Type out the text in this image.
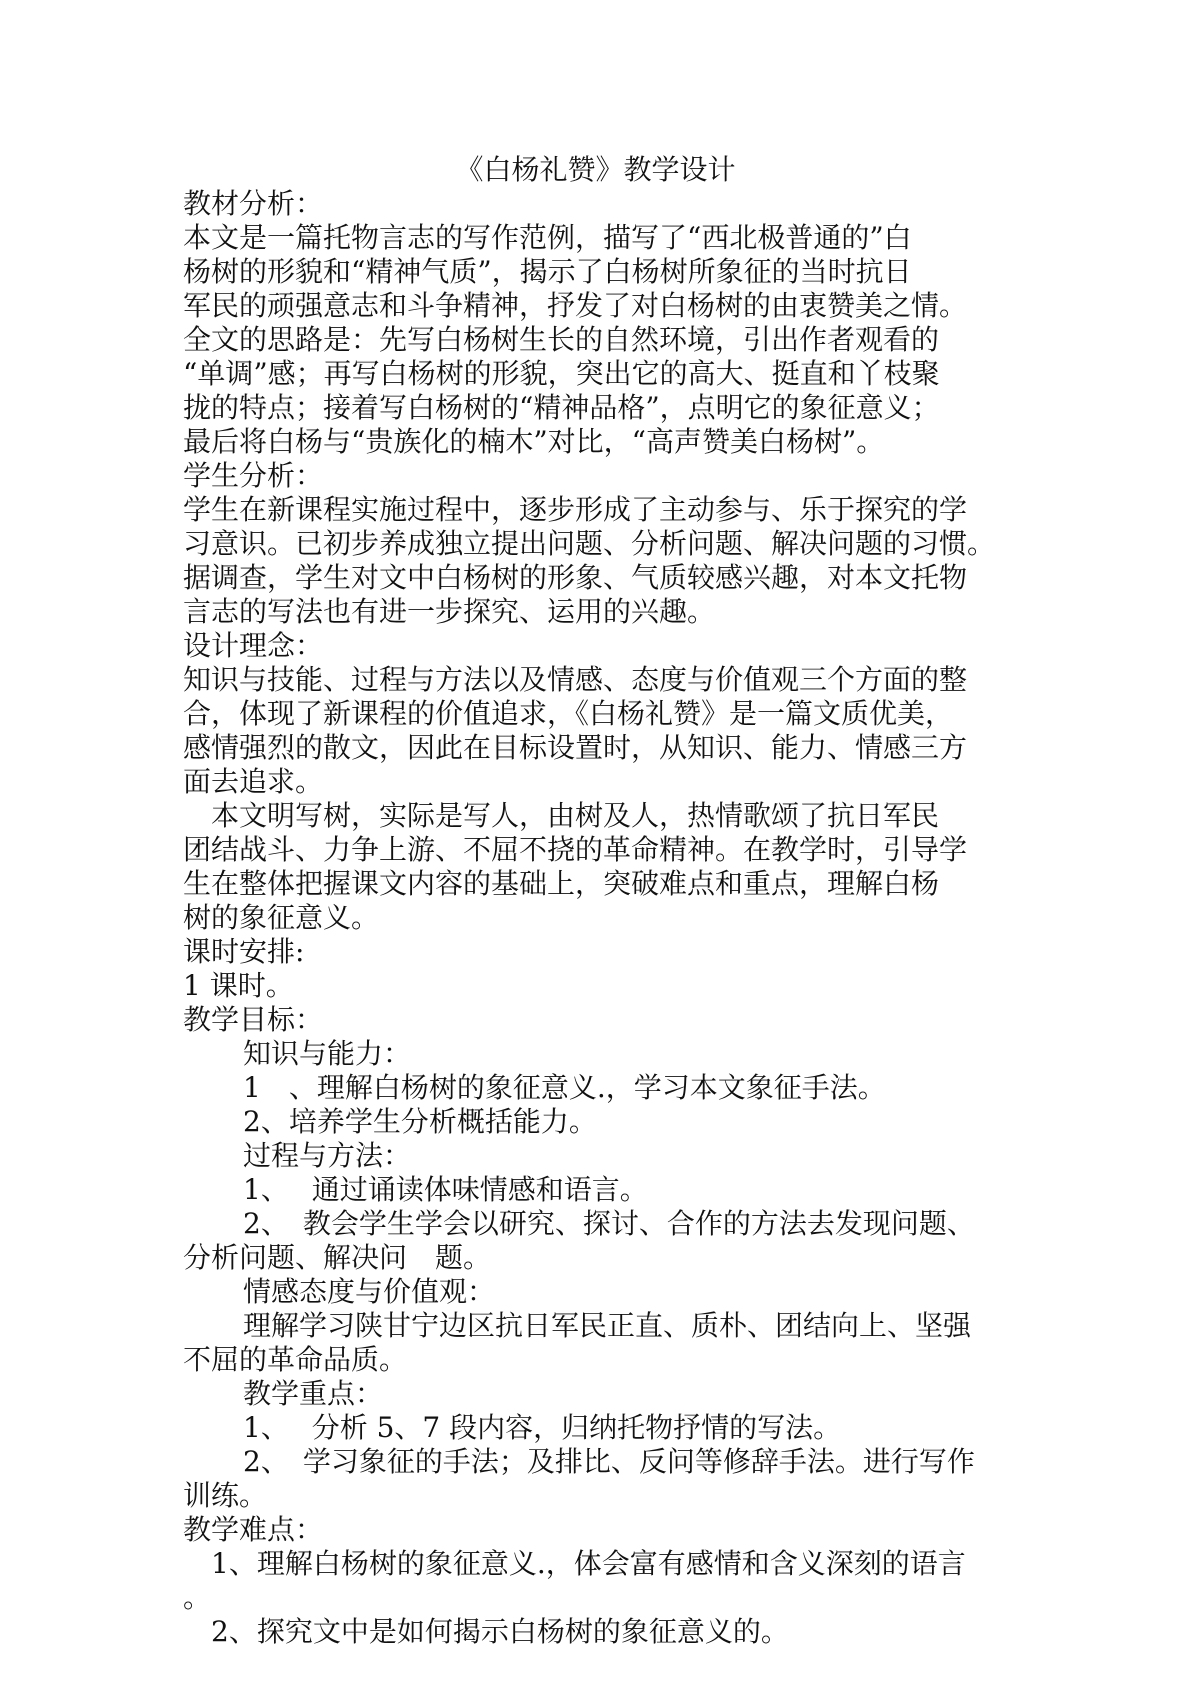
《白杨礼赞》教学设计
教材分析：
本文是一篇托物言志的写作范例，描写了“西北极普通的”白
杨树的形貌和“精神气质”，揭示了白杨树所象征的当时抗日
军民的顽强意志和斗争精神，抒发了对白杨树的由衷赞美之情。
全文的思路是：先写白杨树生长的自然环境，引出作者观看的
“单调”感；再写白杨树的形貌，突出它的高大、挺直和丫枝聚
拢的特点；接着写白杨树的“精神品格”，点明它的象征意义；
最后将白杨与“贵族化的楠木”对比，“高声赞美白杨树”。
学生分析：
学生在新课程实施过程中，逐步形成了主动参与、乐于探究的学
习意识。已初步养成独立提出问题、分析问题、解决问题的习惯。
据调查，学生对文中白杨树的形象、气质较感兴趣，对本文托物
言志的写法也有进一步探究、运用的兴趣。
设计理念：
知识与技能、过程与方法以及情感、态度与价值观三个方面的整
合，体现了新课程的价值追求，《白杨礼赞》是一篇文质优美，
感情强烈的散文，因此在目标设置时，从知识、能力、情感三方
面去追求。
本文明写树，实际是写人，由树及人，热情歌颂了抗日军民
团结战斗、力争上游、不屈不挠的革命精神。在教学时，引导学
生在整体把握课文内容的基础上，突破难点和重点，理解白杨
树的象征意义。
课时安排:
1 课时。
教学目标：
知识与能力：
1　、理解白杨树的象征意义.，学习本文象征手法。
2、培养学生分析概括能力。
过程与方法：
1、　 通过诵读体味情感和语言。
2、　教会学生学会以研究、探讨、合作的方法去发现问题、
分析问题、解决问　题。
情感态度与价值观：
理解学习陕甘宁边区抗日军民正直、质朴、团结向上、坚强
不屈的革命品质。
教学重点：
1、　 分析 5、7 段内容，归纳托物抒情的写法。
2、　学习象征的手法；及排比、反问等修辞手法。进行写作
训练。
教学难点：
1、理解白杨树的象征意义.，体会富有感情和含义深刻的语言
。
2、探究文中是如何揭示白杨树的象征意义的。
